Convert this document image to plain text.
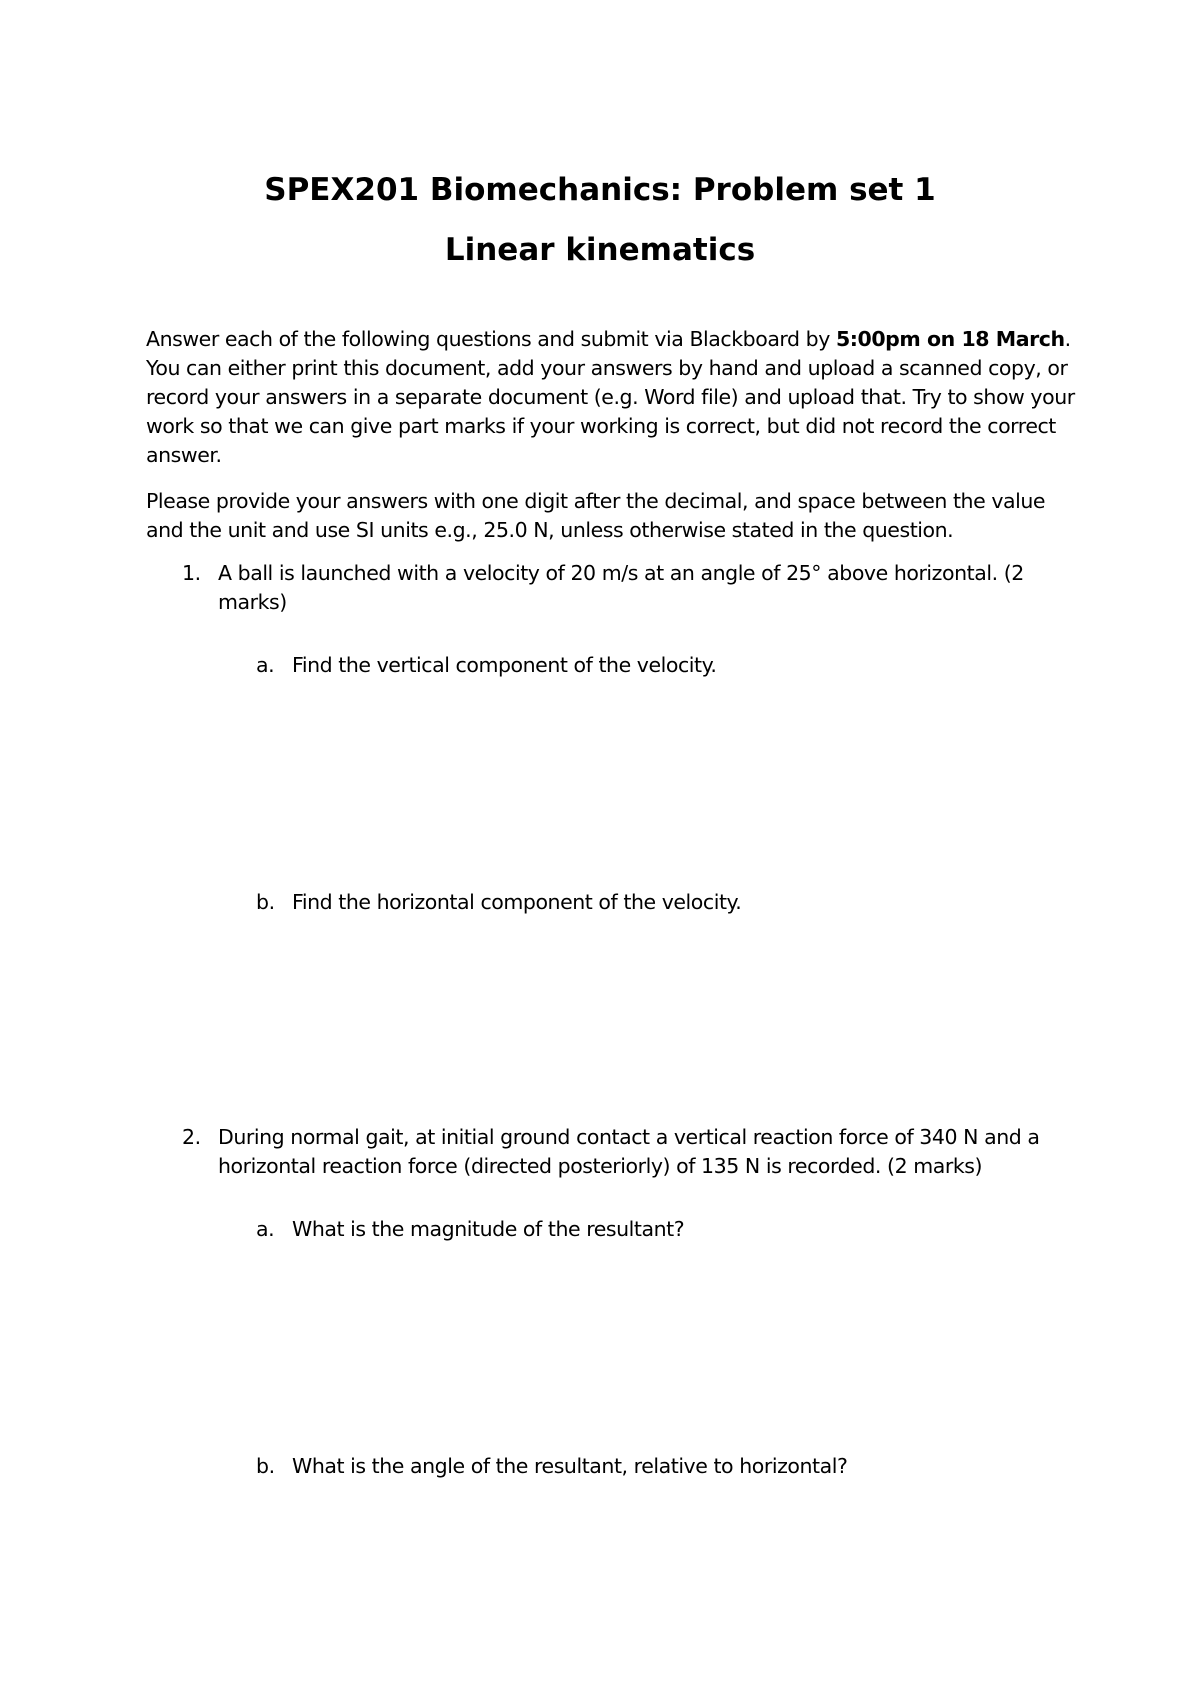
SPEX201 Biomechanics: Problem set 1
Linear kinematics

Answer each of the following questions and submit via Blackboard by 5:00pm on 18 March. You can either print this document, add your answers by hand and upload a scanned copy, or record your answers in a separate document (e.g. Word file) and upload that. Try to show your work so that we can give part marks if your working is correct, but did not record the correct answer.

Please provide your answers with one digit after the decimal, and space between the value and the unit and use SI units e.g., 25.0 N, unless otherwise stated in the question.

1. A ball is launched with a velocity of 20 m/s at an angle of 25° above horizontal. (2 marks)
a. Find the vertical component of the velocity.
b. Find the horizontal component of the velocity.
2. During normal gait, at initial ground contact a vertical reaction force of 340 N and a horizontal reaction force (directed posteriorly) of 135 N is recorded. (2 marks)
a. What is the magnitude of the resultant?
b. What is the angle of the resultant, relative to horizontal?
